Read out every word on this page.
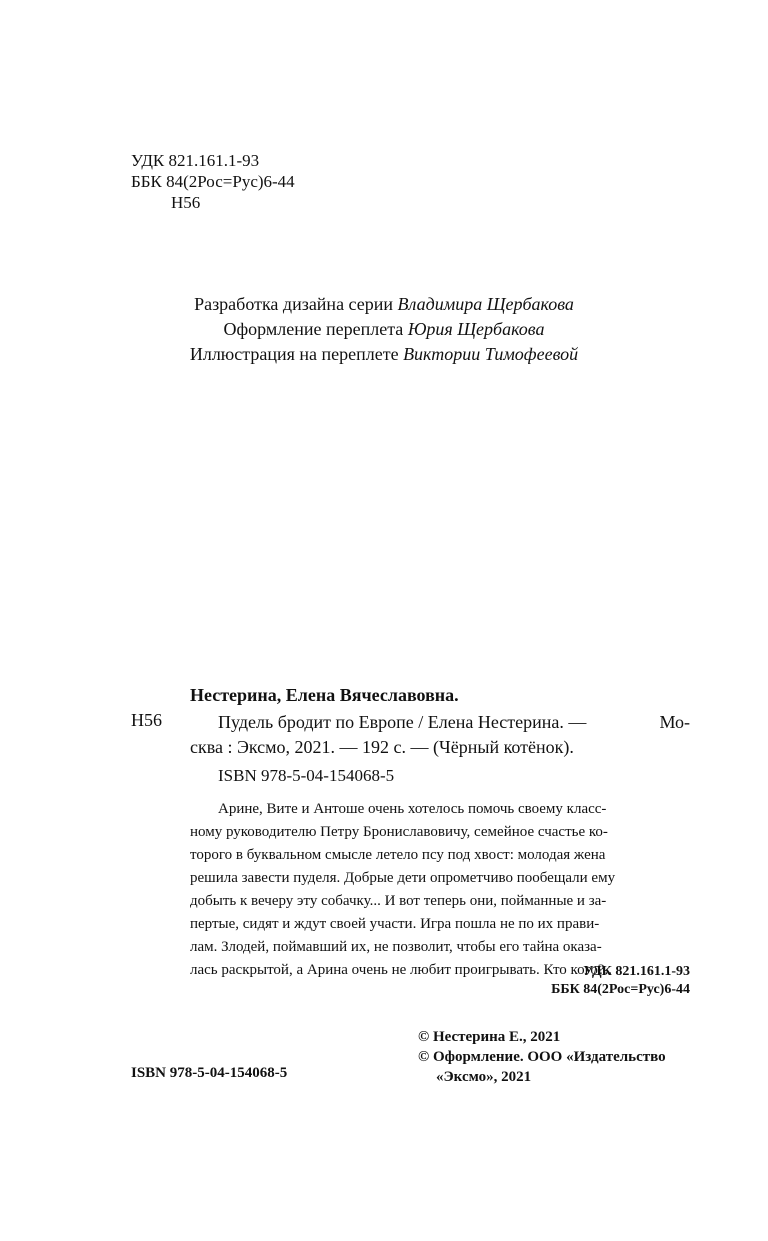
УДК 821.161.1-93
ББК 84(2Рос=Рус)6-44
Н56
Разработка дизайна серии Владимира Щербакова
Оформление переплета Юрия Щербакова
Иллюстрация на переплете Виктории Тимофеевой
Нестерина, Елена Вячеславовна.
Н56	Пудель бродит по Европе / Елена Нестерина. —	Мо-
сква : Эксмо, 2021. — 192 с. — (Чёрный котёнок).
ISBN 978-5-04-154068-5
Арине, Вите и Антоше очень хотелось помочь своему класс-
ному руководителю Петру Брониславовичу, семейное счастье ко-
торого в буквальном смысле летело псу под хвост: молодая жена
решила завести пуделя. Добрые дети опрометчиво пообещали ему
добыть к вечеру эту собачку... И вот теперь они, пойманные и за-
пертые, сидят и ждут своей участи. Игра пошла не по их прави-
лам. Злодей, поймавший их, не позволит, чтобы его тайна оказа-
лась раскрытой, а Арина очень не любит проигрывать. Кто кого?..
УДК 821.161.1-93
ББК 84(2Рос=Рус)6-44
© Нестерина Е., 2021
© Оформление. ООО «Издательство
«Эксмо», 2021
ISBN 978-5-04-154068-5
